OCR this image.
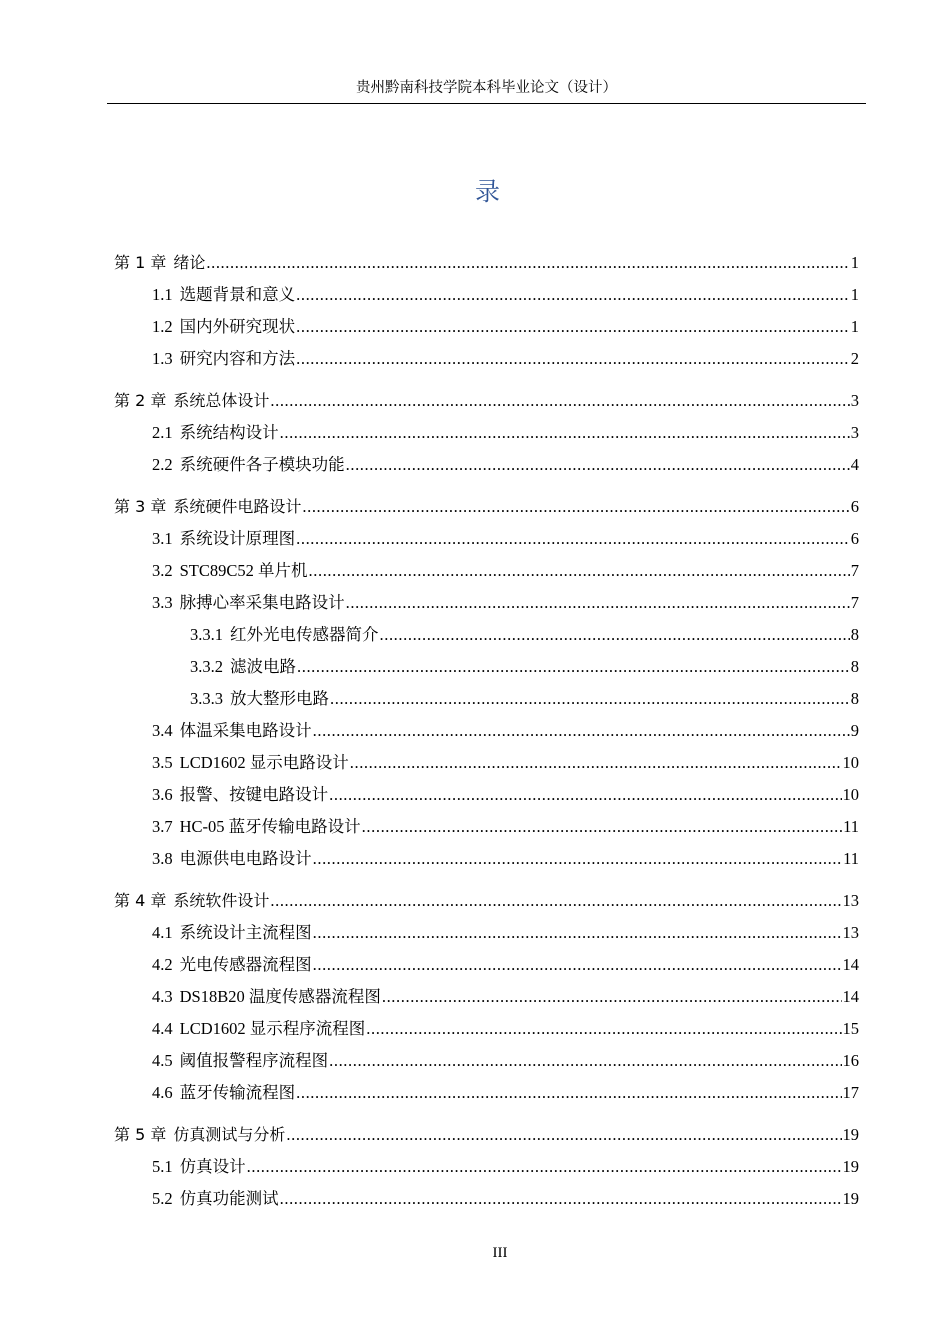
贵州黔南科技学院本科毕业论文（设计）
录
第 1 章 绪论 .....	1
1.1 选题背景和意义 .....	1
1.2 国内外研究现状 .....	1
1.3 研究内容和方法 .....	2
第 2 章 系统总体设计 .....	3
2.1 系统结构设计 .....	3
2.2 系统硬件各子模块功能 .....	4
第 3 章 系统硬件电路设计 .....	6
3.1 系统设计原理图 .....	6
3.2 STC89C52 单片机 .....	7
3.3 脉搏心率采集电路设计 .....	7
3.3.1 红外光电传感器简介 .....	8
3.3.2 滤波电路 .....	8
3.3.3 放大整形电路 .....	8
3.4 体温采集电路设计 .....	9
3.5 LCD1602 显示电路设计 .....	10
3.6 报警、按键电路设计 .....	10
3.7 HC-05 蓝牙传输电路设计 .....	11
3.8 电源供电电路设计 .....	11
第 4 章 系统软件设计 .....	13
4.1 系统设计主流程图 .....	13
4.2 光电传感器流程图 .....	14
4.3 DS18B20 温度传感器流程图 .....	14
4.4 LCD1602 显示程序流程图 .....	15
4.5 阈值报警程序流程图 .....	16
4.6 蓝牙传输流程图 .....	17
第 5 章 仿真测试与分析 .....	19
5.1 仿真设计 .....	19
5.2 仿真功能测试 .....	19
III
